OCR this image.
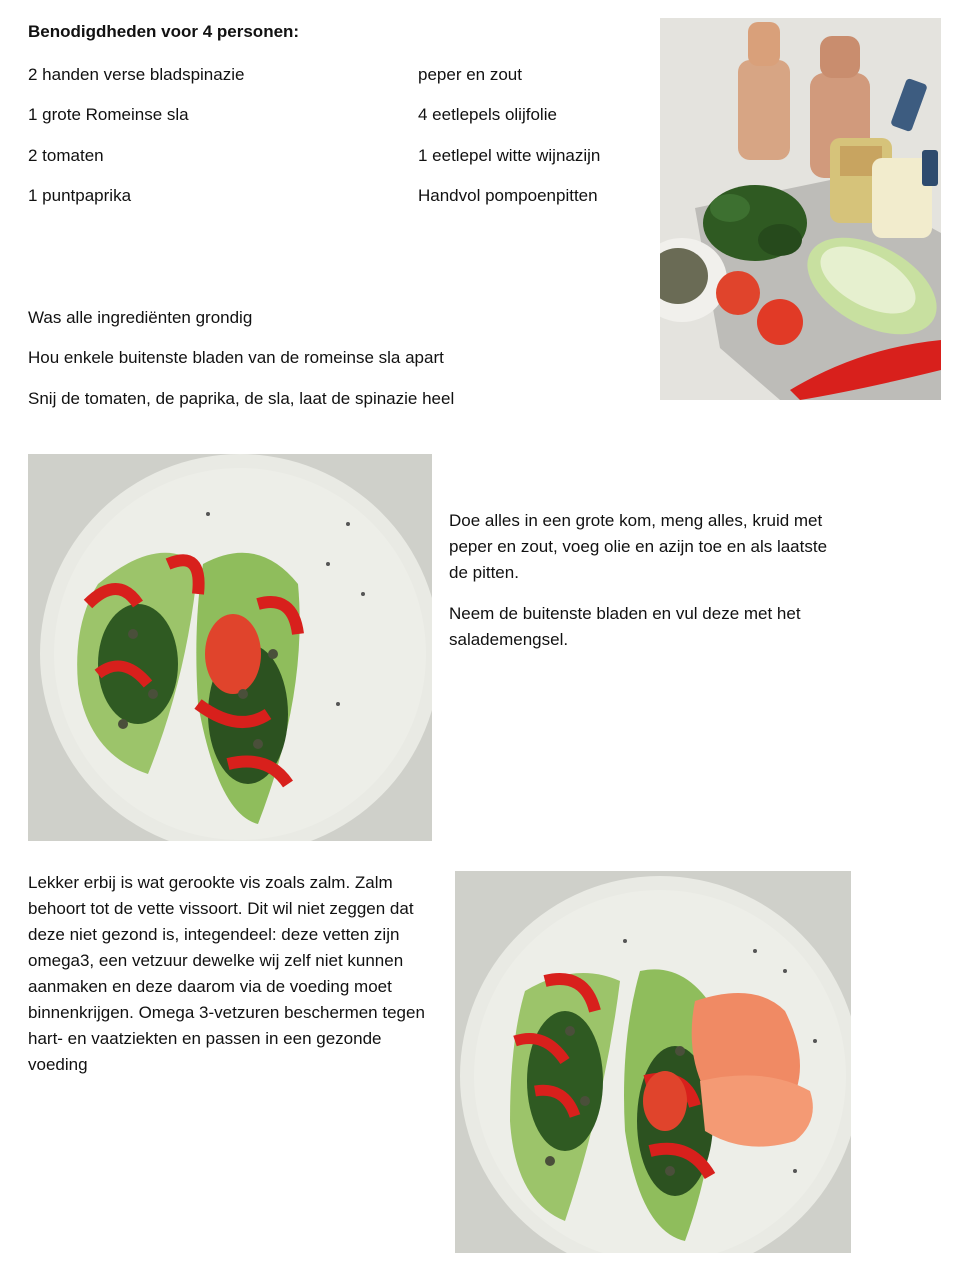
Benodigdheden voor 4 personen:
2 handen verse bladspinazie
1 grote Romeinse sla
2 tomaten
1 puntpaprika
peper en zout
4 eetlepels olijfolie
1 eetlepel witte wijnazijn
Handvol pompoenpitten
Was alle ingrediënten grondig
Hou enkele buitenste bladen van de romeinse sla apart
Snij de tomaten, de paprika, de sla, laat de spinazie heel
Doe alles in een grote kom, meng alles, kruid met peper en zout, voeg olie en azijn toe en als laatste de pitten.
Neem de buitenste bladen en vul deze met het salademengsel.
Lekker erbij is wat gerookte vis zoals zalm. Zalm behoort tot de vette vissoort. Dit wil niet zeggen dat deze niet gezond is, integendeel: deze vetten zijn omega3, een vetzuur dewelke wij zelf niet kunnen aanmaken en deze daarom via de voeding moet binnenkrijgen. Omega 3-vetzuren beschermen tegen hart- en vaatziekten en passen in een gezonde voeding
